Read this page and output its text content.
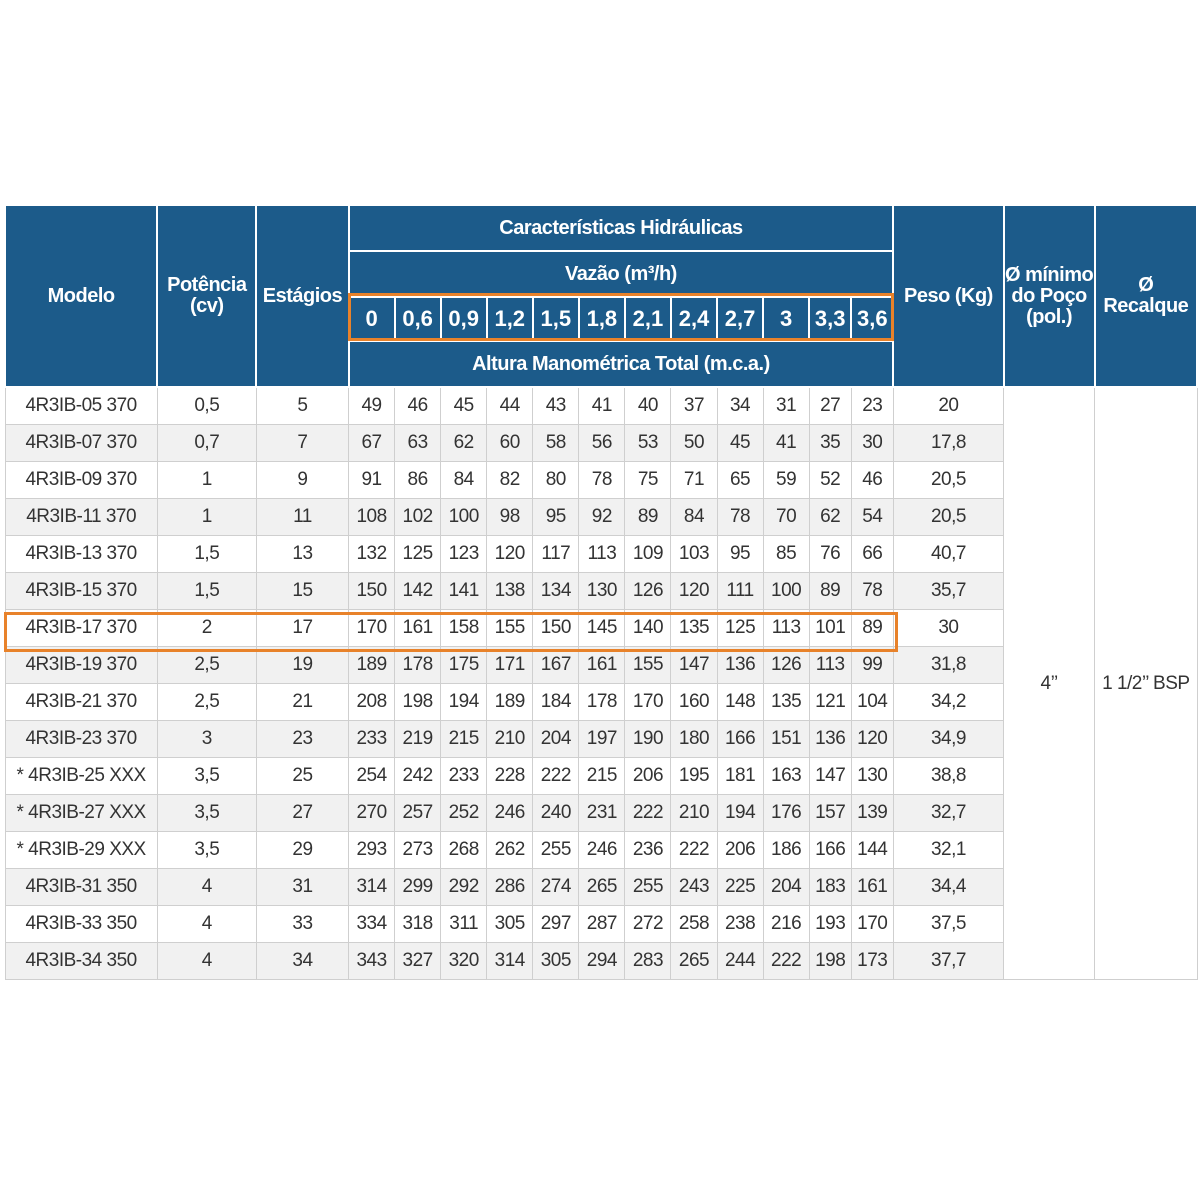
Modelo	Potência (cv)	Estágios	Características Hidráulicas												Peso (Kg)	Ø mínimo do Poço (pol.)	Ø Recalque
			Vazão (m³/h)														
			0	0,6	0,9	1,2	1,5	1,8	2,1	2,4	2,7	3	3,3	3,6			
			Altura Manométrica Total (m.c.a.)														
4R3IB-05 370	0,5	5	49	46	45	44	43	41	40	37	34	31	27	23	20	4’’	1 1/2’’ BSP
4R3IB-07 370	0,7	7	67	63	62	60	58	56	53	50	45	41	35	30	17,8		
4R3IB-09 370	1	9	91	86	84	82	80	78	75	71	65	59	52	46	20,5		
4R3IB-11 370	1	11	108	102	100	98	95	92	89	84	78	70	62	54	20,5		
4R3IB-13 370	1,5	13	132	125	123	120	117	113	109	103	95	85	76	66	40,7		
4R3IB-15 370	1,5	15	150	142	141	138	134	130	126	120	111	100	89	78	35,7		
4R3IB-17 370	2	17	170	161	158	155	150	145	140	135	125	113	101	89	30		
4R3IB-19 370	2,5	19	189	178	175	171	167	161	155	147	136	126	113	99	31,8		
4R3IB-21 370	2,5	21	208	198	194	189	184	178	170	160	148	135	121	104	34,2		
4R3IB-23 370	3	23	233	219	215	210	204	197	190	180	166	151	136	120	34,9		
* 4R3IB-25 XXX	3,5	25	254	242	233	228	222	215	206	195	181	163	147	130	38,8		
* 4R3IB-27 XXX	3,5	27	270	257	252	246	240	231	222	210	194	176	157	139	32,7		
* 4R3IB-29 XXX	3,5	29	293	273	268	262	255	246	236	222	206	186	166	144	32,1		
4R3IB-31 350	4	31	314	299	292	286	274	265	255	243	225	204	183	161	34,4		
4R3IB-33 350	4	33	334	318	311	305	297	287	272	258	238	216	193	170	37,5		
4R3IB-34 350	4	34	343	327	320	314	305	294	283	265	244	222	198	173	37,7		
